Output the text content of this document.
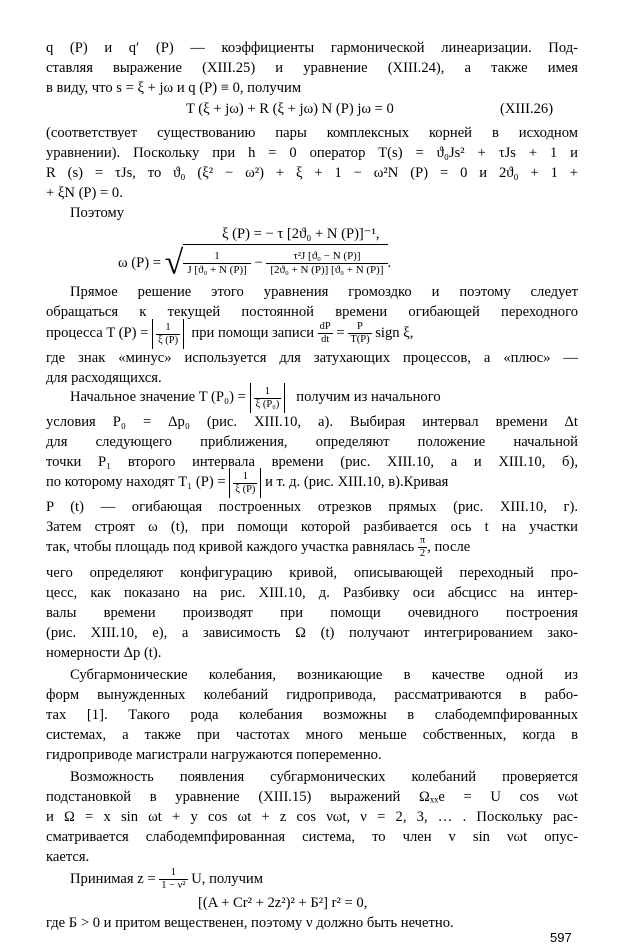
q (P) и q′ (P) — коэффициенты гармонической линеаризации. Под-
ставляя выражение (XIII.25) и уравнение (XIII.24), а также имея
в виду, что s = ξ + jω и q (P) ≡ 0, получим
T (ξ + jω) + R (ξ + jω) N (P) jω = 0	(XIII.26)
(соответствует существованию пары комплексных корней в исходном
уравнении). Поскольку при h = 0 оператор T(s) = ϑ₀Js² + τJs + 1 и
R (s) = τJs, то ϑ₀ (ξ² − ω²) + ξ + 1 − ω²N (P) = 0 и 2ϑ₀ + 1 +
+ ξN (P) = 0.
Поэтому
ξ (P) = − τ [2ϑ₀ + N (P)]⁻¹,
ω (P) = √ $\frac{1}{\text{J [ϑ₀ + N (P)]}} - \frac{\text{τ²J [ϑ₀ − N (P)]}}{\text{[2ϑ₀ + N (P)] [ϑ₀ + N (P)]}}$ .
Прямое решение этого уравнения громоздко и поэтому следует
обращаться к текущей постоянной времени огибающей переходного
процесса T $(P) = \frac{1}{\xi (P)}$ при помощи записи $\frac{dP}{dt} = \frac{P}{T(P)}$ sign ξ,
где знак «минус» используется для затухающих процессов, а «плюс» —
для расходящихся.
Начальное значение T $(P_0) = \frac{1}{\text{ξ (P₀)}}$ получим из начального
условия P₀ = Δp₀ (рис. XIII.10, а). Выбирая интервал времени Δt
для следующего приближения, определяют положение начальной
точки P₁ второго интервала времени (рис. XIII.10, а и XIII.10, б),
по которому находят T₁ $(P) = \frac{1}{\xi (P)}$ и т. д. (рис. XIII.10, в).Кривая
P (t) — огибающая построенных отрезков прямых (рис. XIII.10, г).
Затем строят ω (t), при помощи которой разбивается ось t на участки
так, чтобы площадь под кривой каждого участка равнялась $\frac{\pi}{2}$ , после
чего определяют конфигурацию кривой, описывающей переходный про-
цесс, как показано на рис. XIII.10, д. Разбивку оси абсцисс на интер-
валы времени производят при помощи очевидного построения
(рис. XIII.10, е), а зависимость Ω (t) получают интегрированием зако-
номерности Δp (t).
Субгармонические колебания, возникающие в качестве одной из
форм вынужденных колебаний гидропривода, рассматриваются в рабо-
тах [1]. Такого рода колебания возможны в слабодемпфированных
системах, а также при частотах много меньше собственных, когда в
гидроприводе магистрали нагружаются попеременно.
Возможность появления субгармонических колебаний проверяется
подстановкой в уравнение (XIII.15) выражений Ωₓₓe = U cos νωt
и Ω = x sin ωt + y cos ωt + z cos νωt, ν = 2, 3, … . Поскольку рас-
сматривается слабодемпфированная система, то член v sin νωt опус-
кается.
Принимая $z = \frac{1}{\text{1 − ν²}} U$, получим
[(A + Cr² + 2z²)² + Б²] r² = 0,
где Б > 0 и притом вещественен, поэтому ν должно быть нечетно.
597
